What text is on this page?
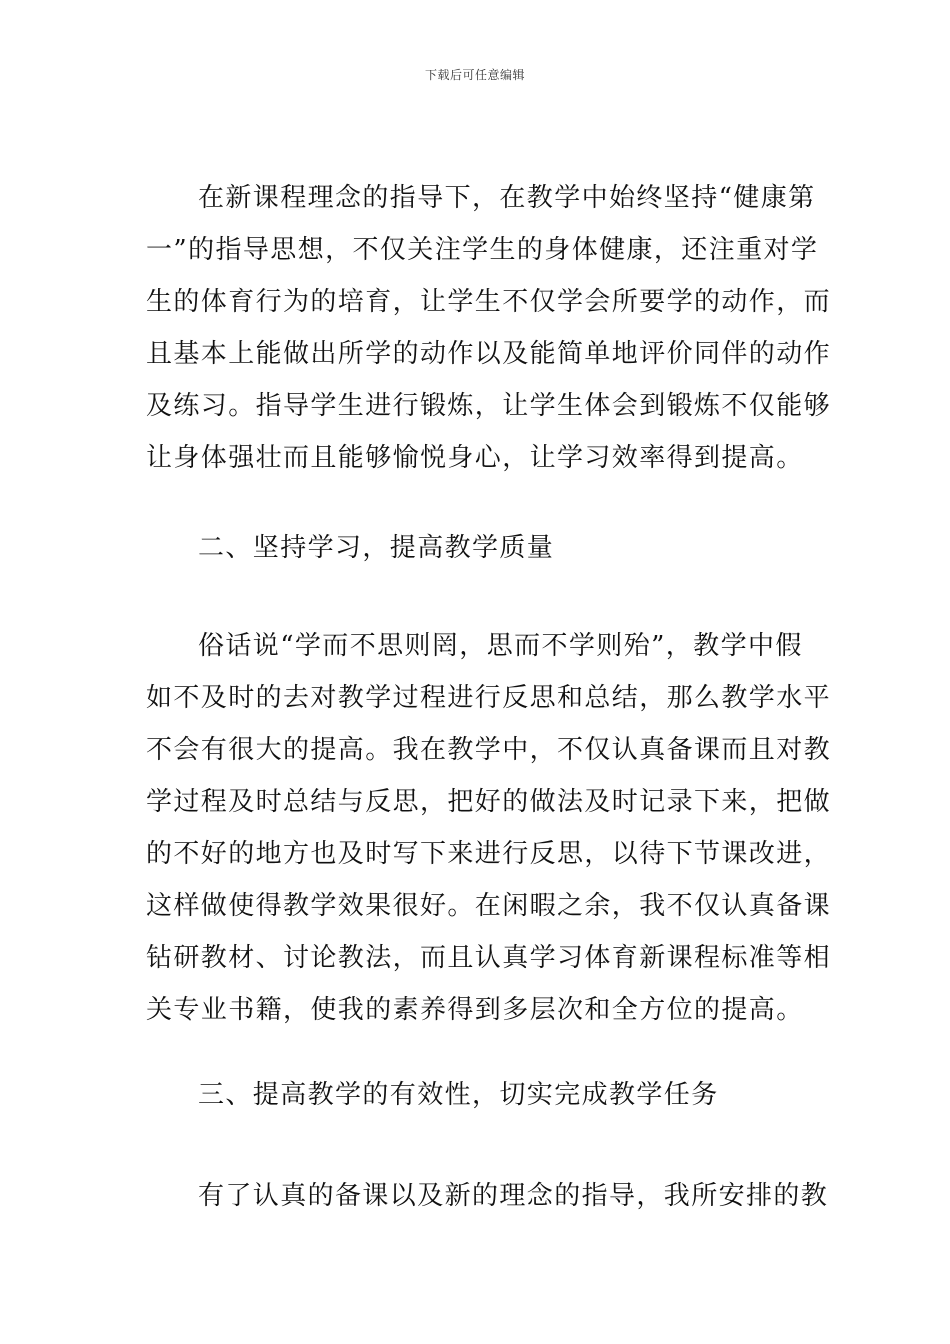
下载后可任意编辑
在新课程理念的指导下，在教学中始终坚持“健康第
一”的指导思想，不仅关注学生的身体健康，还注重对学
生的体育行为的培育，让学生不仅学会所要学的动作，而
且基本上能做出所学的动作以及能简单地评价同伴的动作
及练习。指导学生进行锻炼，让学生体会到锻炼不仅能够
让身体强壮而且能够愉悦身心，让学习效率得到提高。
二、坚持学习，提高教学质量
俗话说“学而不思则罔，思而不学则殆”，教学中假
如不及时的去对教学过程进行反思和总结，那么教学水平
不会有很大的提高。我在教学中，不仅认真备课而且对教
学过程及时总结与反思，把好的做法及时记录下来，把做
的不好的地方也及时写下来进行反思，以待下节课改进，
这样做使得教学效果很好。在闲暇之余，我不仅认真备课
钻研教材、讨论教法，而且认真学习体育新课程标准等相
关专业书籍，使我的素养得到多层次和全方位的提高。
三、提高教学的有效性，切实完成教学任务
有了认真的备课以及新的理念的指导，我所安排的教
